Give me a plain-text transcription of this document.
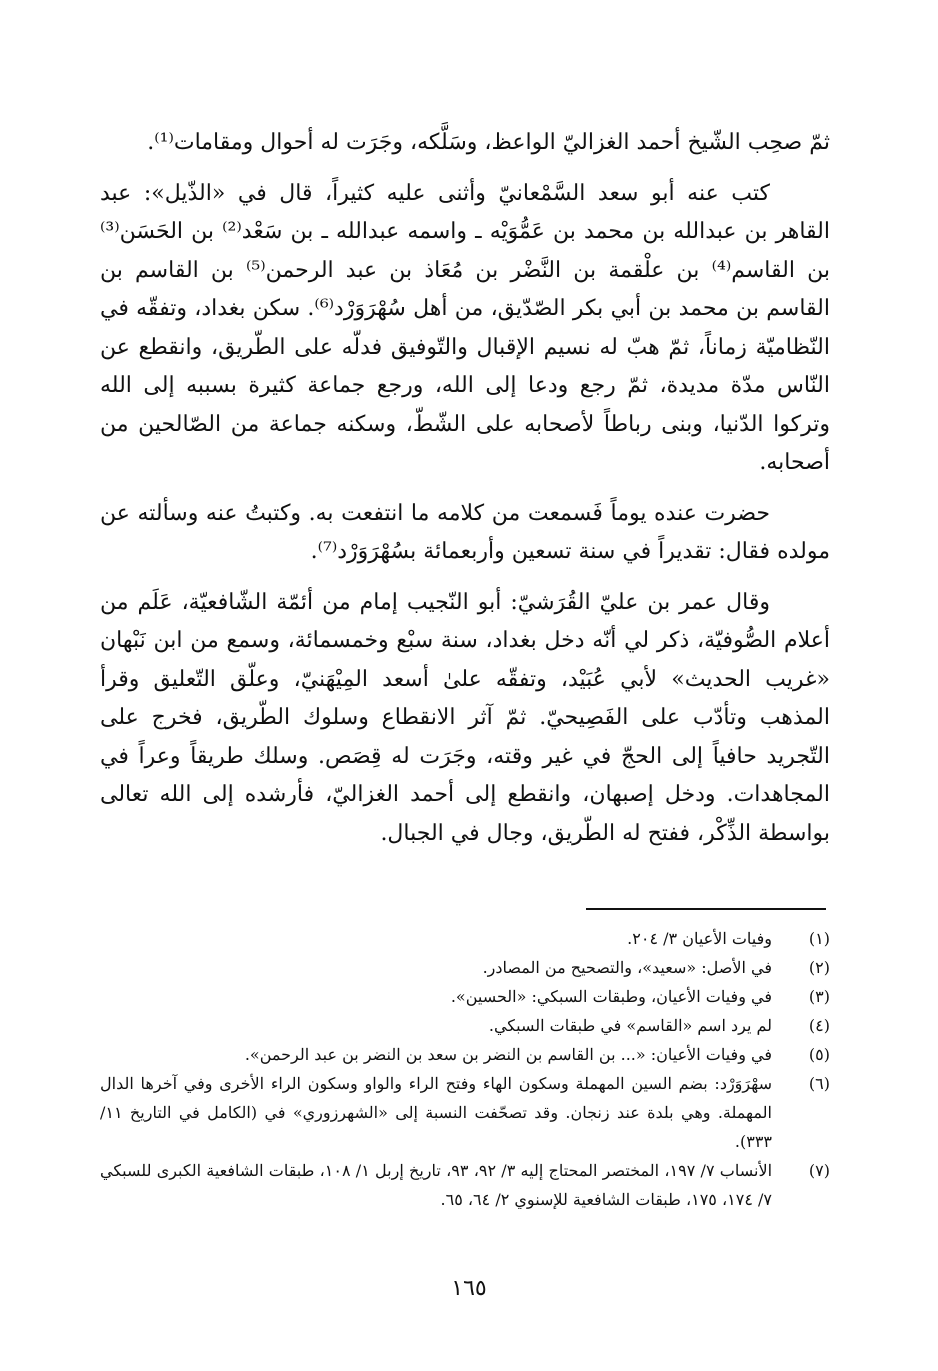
ثمّ صحِب الشّيخ أحمد الغزاليّ الواعظ، وسَلَّكه، وجَرَت له أحوال ومقامات⁽¹⁾.

كتب عنه أبو سعد السَّمْعانيّ وأثنى عليه كثيراً، قال في «الذّيل»: عبد القاهر بن عبدالله بن محمد بن عَمُّوَيْه ـ واسمه عبدالله ـ بن سَعْد⁽²⁾ بن الحَسَن⁽³⁾ بن القاسم⁽⁴⁾ بن علْقمة بن النَّضْر بن مُعَاذ بن عبد الرحمن⁽⁵⁾ بن القاسم بن القاسم بن محمد بن أبي بكر الصّدّيق، من أهل سُهْرَوَرْد⁽⁶⁾. سكن بغداد، وتفقّه في النّظاميّة زماناً، ثمّ هبّ له نسيم الإقبال والتّوفيق فدلّه على الطّريق، وانقطع عن النّاس مدّة مديدة، ثمّ رجع ودعا إلى الله، ورجع جماعة كثيرة بسببه إلى الله وتركوا الدّنيا، وبنى رباطاً لأصحابه على الشّطّ، وسكنه جماعة من الصّالحين من أصحابه.

حضرت عنده يوماً فَسمعت من كلامه ما انتفعت به. وكتبتُ عنه وسألته عن مولده فقال: تقديراً في سنة تسعين وأربعمائة بسُهْرَوَرْد⁽⁷⁾.

وقال عمر بن عليّ القُرَشيّ: أبو النّجيب إمام من أئمّة الشّافعيّة، عَلَم من أعلام الصُّوفيّة، ذكر لي أنّه دخل بغداد، سنة سبْع وخمسمائة، وسمع من ابن نَبْهان «غريب الحديث» لأبي عُبَيْد، وتفقّه علىٰ أسعد المِيْهَنيّ، وعلّق التّعليق وقرأ المذهب وتأدّب على الفَصِيحيّ. ثمّ آثر الانقطاع وسلوك الطّريق، فخرج على التّجريد حافياً إلى الحجّ في غير وقته، وجَرَت له قِصَص. وسلك طريقاً وعراً في المجاهدات. ودخل إصبهان، وانقطع إلى أحمد الغزاليّ، فأرشده إلى الله تعالى بواسطة الذِّكْر، ففتح له الطّريق، وجال في الجبال.

(١)
وفيات الأعيان ٣/ ٢٠٤.
(٢)
في الأصل: «سعيد»، والتصحيح من المصادر.
(٣)
في وفيات الأعيان، وطبقات السبكي: «الحسين».
(٤)
لم يرد اسم «القاسم» في طبقات السبكي.
(٥)
في وفيات الأعيان: «... بن القاسم بن النضر بن سعد بن النضر بن عبد الرحمن».
(٦)
سهْرَوَرْد: بضم السين المهملة وسكون الهاء وفتح الراء والواو وسكون الراء الأخرى وفي آخرها الدال المهملة. وهي بلدة عند زنجان. وقد تصحّفت النسبة إلى «الشهرزوري» في (الكامل في التاريخ ١١/ ٣٣٣).
(٧)
الأنساب ٧/ ١٩٧، المختصر المحتاج إليه ٣/ ٩٢، ٩٣، تاريخ إربل ١/ ١٠٨، طبقات الشافعية الكبرى للسبكي ٧/ ١٧٤، ١٧٥، طبقات الشافعية للإسنوي ٢/ ٦٤، ٦٥.
١٦٥
